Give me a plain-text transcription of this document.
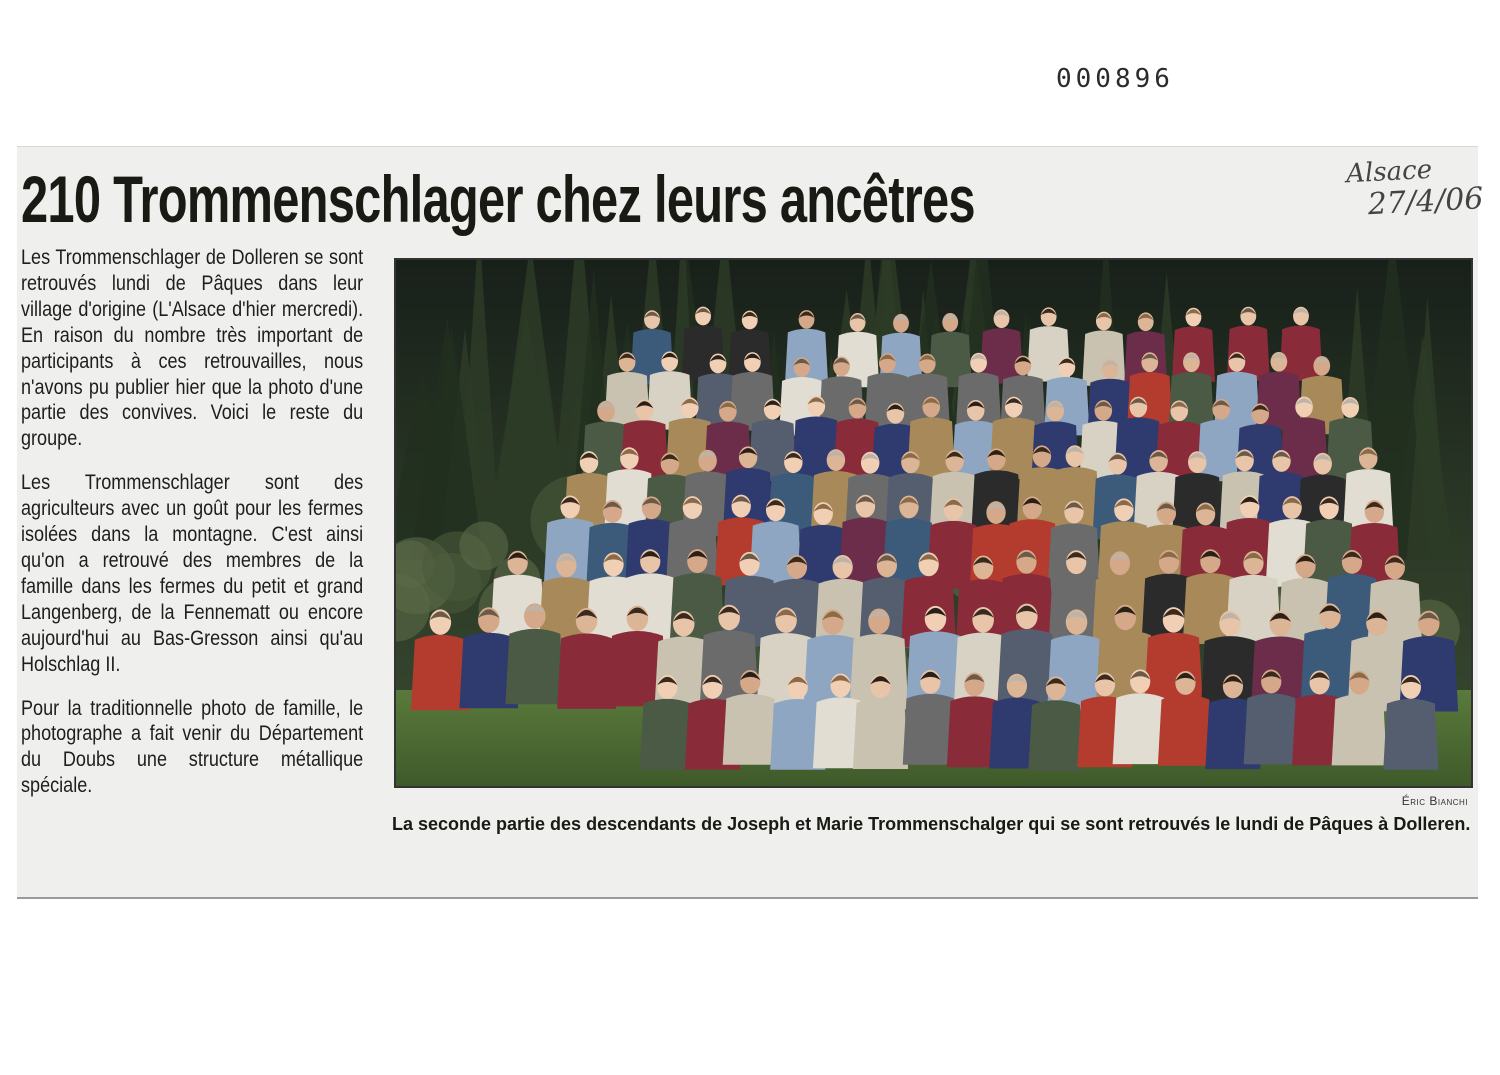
000896
210 Trommenschlager chez leurs ancêtres	Alsace
27/4/06

Les Trommenschlager de Dolleren se sont retrouvés lundi de Pâques dans leur village d'origine (L'Alsace d'hier mercredi). En raison du nombre très important de participants à ces retrouvailles, nous n'avons pu publier hier que la photo d'une partie des convives. Voici le reste du groupe.

Les Trommenschlager sont des agriculteurs avec un goût pour les fermes isolées dans la montagne. C'est ainsi qu'on a retrouvé des membres de la famille dans les fermes du petit et grand Langenberg, de la Fennematt ou encore aujourd'hui au Bas-Gresson ainsi qu'au Holschlag II.

Pour la traditionnelle photo de famille, le photographe a fait venir du Département du Doubs une structure métallique spéciale.

Éric Bianchi

La seconde partie des descendants de Joseph et Marie Trommenschalger qui se sont retrouvés le lundi de Pâques à Dolleren.
